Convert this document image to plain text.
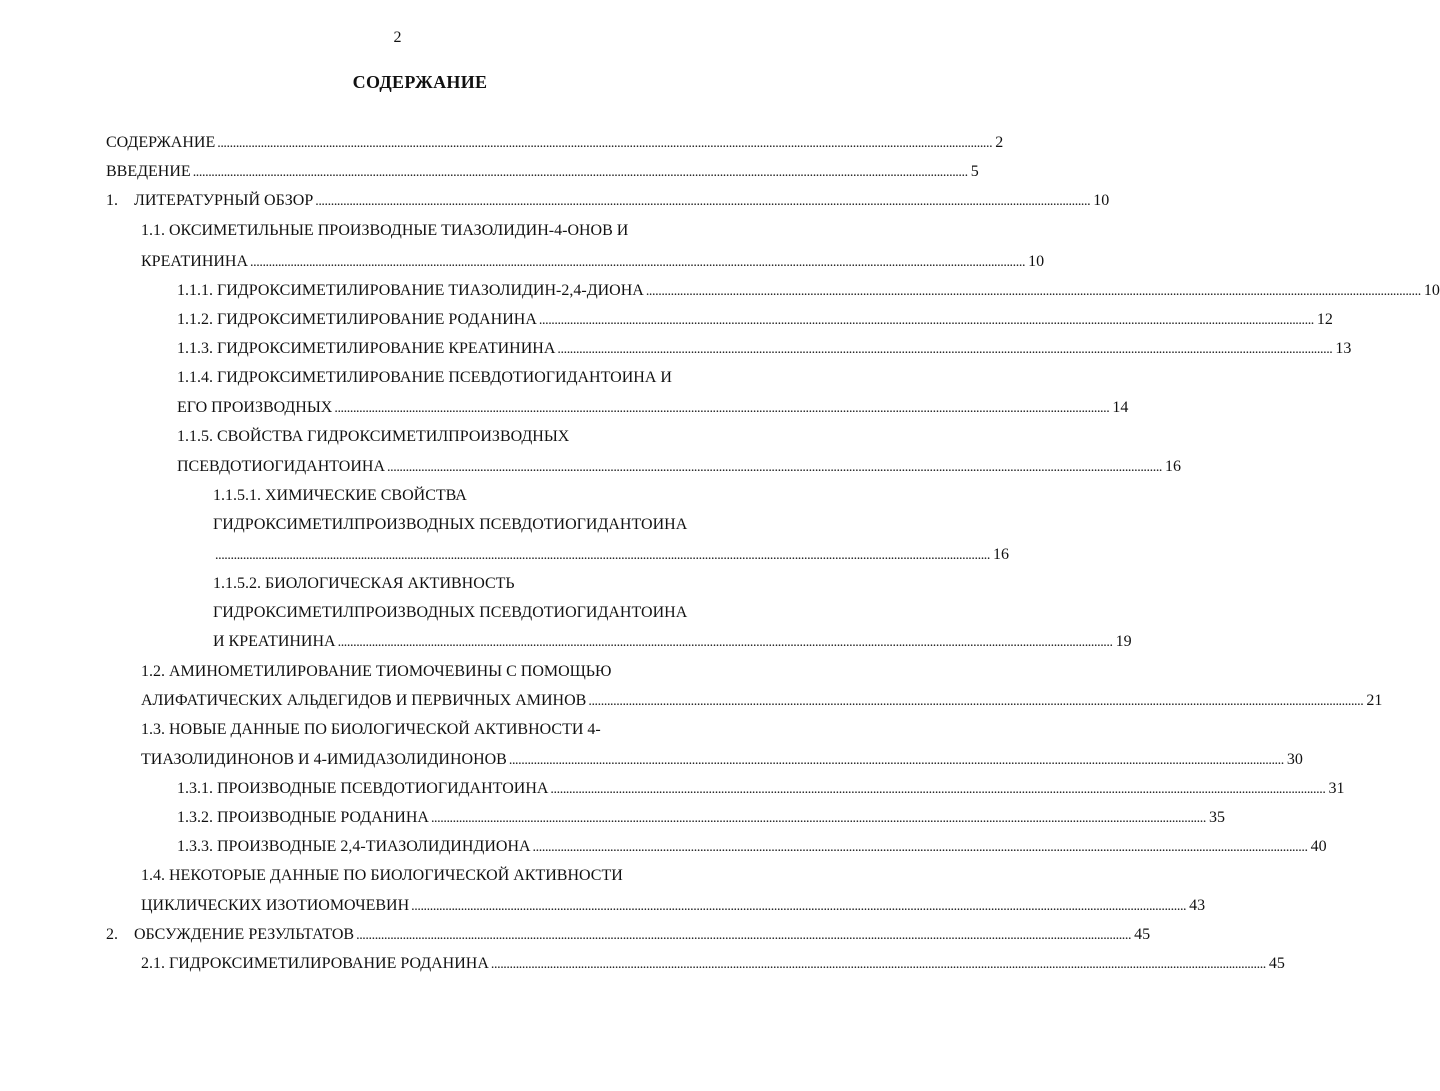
2
СОДЕРЖАНИЕ
СОДЕРЖАНИЕ .......................................................................................................................................................................................................................................................... 2
ВВЕДЕНИЕ .......................................................................................................................................................................................................................................................... 5
1. ЛИТЕРАТУРНЫЙ ОБЗОР .......................................................................................................................................................................................................................................................... 10
1.1. ОКСИМЕТИЛЬНЫЕ ПРОИЗВОДНЫЕ ТИАЗОЛИДИН-4-ОНОВ И
КРЕАТИНИНА .......................................................................................................................................................................................................................................................... 10
1.1.1. ГИДРОКСИМЕТИЛИРОВАНИЕ ТИАЗОЛИДИН-2,4-ДИОНА .......................................................................................................................................................................................................................................................... 10
1.1.2. ГИДРОКСИМЕТИЛИРОВАНИЕ РОДАНИНА .......................................................................................................................................................................................................................................................... 12
1.1.3. ГИДРОКСИМЕТИЛИРОВАНИЕ КРЕАТИНИНА .......................................................................................................................................................................................................................................................... 13
1.1.4. ГИДРОКСИМЕТИЛИРОВАНИЕ ПСЕВДОТИОГИДАНТОИНА И
ЕГО ПРОИЗВОДНЫХ .......................................................................................................................................................................................................................................................... 14
1.1.5. СВОЙСТВА ГИДРОКСИМЕТИЛПРОИЗВОДНЫХ
ПСЕВДОТИОГИДАНТОИНА .......................................................................................................................................................................................................................................................... 16
1.1.5.1. ХИМИЧЕСКИЕ СВОЙСТВА
ГИДРОКСИМЕТИЛПРОИЗВОДНЫХ ПСЕВДОТИОГИДАНТОИНА
.......................................................................................................................................................................................................................................................... 16
1.1.5.2. БИОЛОГИЧЕСКАЯ АКТИВНОСТЬ
ГИДРОКСИМЕТИЛПРОИЗВОДНЫХ ПСЕВДОТИОГИДАНТОИНА
И КРЕАТИНИНА .......................................................................................................................................................................................................................................................... 19
1.2. АМИНОМЕТИЛИРОВАНИЕ ТИОМОЧЕВИНЫ С ПОМОЩЬЮ
АЛИФАТИЧЕСКИХ АЛЬДЕГИДОВ И ПЕРВИЧНЫХ АМИНОВ .......................................................................................................................................................................................................................................................... 21
1.3. НОВЫЕ ДАННЫЕ ПО БИОЛОГИЧЕСКОЙ АКТИВНОСТИ 4-
ТИАЗОЛИДИНОНОВ И 4-ИМИДАЗОЛИДИНОНОВ .......................................................................................................................................................................................................................................................... 30
1.3.1. ПРОИЗВОДНЫЕ ПСЕВДОТИОГИДАНТОИНА .......................................................................................................................................................................................................................................................... 31
1.3.2. ПРОИЗВОДНЫЕ РОДАНИНА .......................................................................................................................................................................................................................................................... 35
1.3.3. ПРОИЗВОДНЫЕ 2,4-ТИАЗОЛИДИНДИОНА .......................................................................................................................................................................................................................................................... 40
1.4. НЕКОТОРЫЕ ДАННЫЕ ПО БИОЛОГИЧЕСКОЙ АКТИВНОСТИ
ЦИКЛИЧЕСКИХ ИЗОТИОМОЧЕВИН .......................................................................................................................................................................................................................................................... 43
2. ОБСУЖДЕНИЕ РЕЗУЛЬТАТОВ .......................................................................................................................................................................................................................................................... 45
2.1. ГИДРОКСИМЕТИЛИРОВАНИЕ РОДАНИНА .......................................................................................................................................................................................................................................................... 45
